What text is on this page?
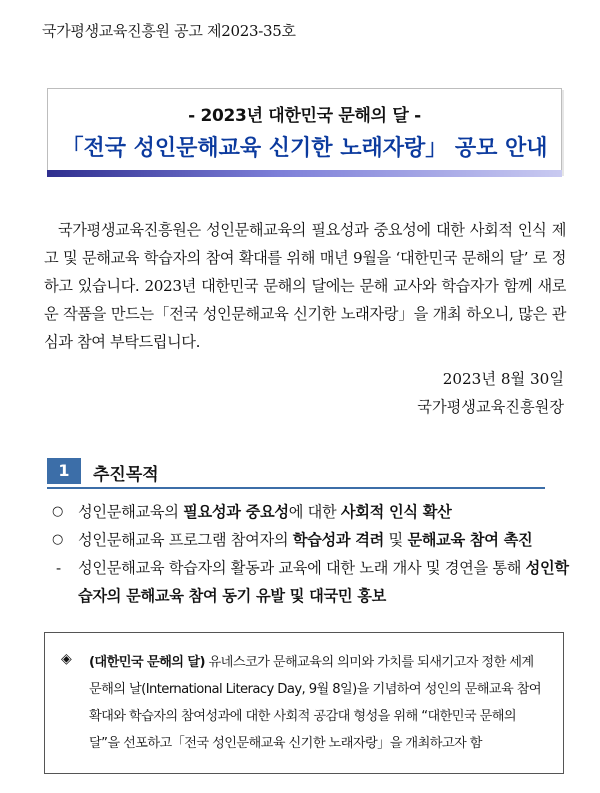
국가평생교육진흥원 공고 제2023-35호
- 2023년 대한민국 문해의 달 -
「전국 성인문해교육 신기한 노래자랑」 공모 안내

국가평생교육진흥원은 성인문해교육의 필요성과 중요성에 대한 사회적 인식 제고 및 문해교육 학습자의 참여 확대를 위해 매년 9월을 ‘대한민국 문해의 달’ 로 정하고 있습니다. 2023년 대한민국 문해의 달에는 문해 교사와 학습자가 함께 새로운 작품을 만드는「전국 성인문해교육 신기한 노래자랑」을 개최 하오니, 많은 관심과 참여 부탁드립니다.

2023년 8월 30일
국가평생교육진흥원장
1	추진목적
○ 성인문해교육의 필요성과 중요성에 대한 사회적 인식 확산
○ 성인문해교육 프로그램 참여자의 학습성과 격려 및 문해교육 참여 촉진
- 성인문해교육 학습자의 활동과 교육에 대한 노래 개사 및 경연을 통해 성인학습자의 문해교육 참여 동기 유발 및 대국민 홍보
◈ (대한민국 문해의 달) 유네스코가 문해교육의 의미와 가치를 되새기고자 정한 세계 문해의 날(International Literacy Day, 9월 8일)을 기념하여 성인의 문해교육 참여 확대와 학습자의 참여성과에 대한 사회적 공감대 형성을 위해 “대한민국 문해의 달”을 선포하고「전국 성인문해교육 신기한 노래자랑」을 개최하고자 함
